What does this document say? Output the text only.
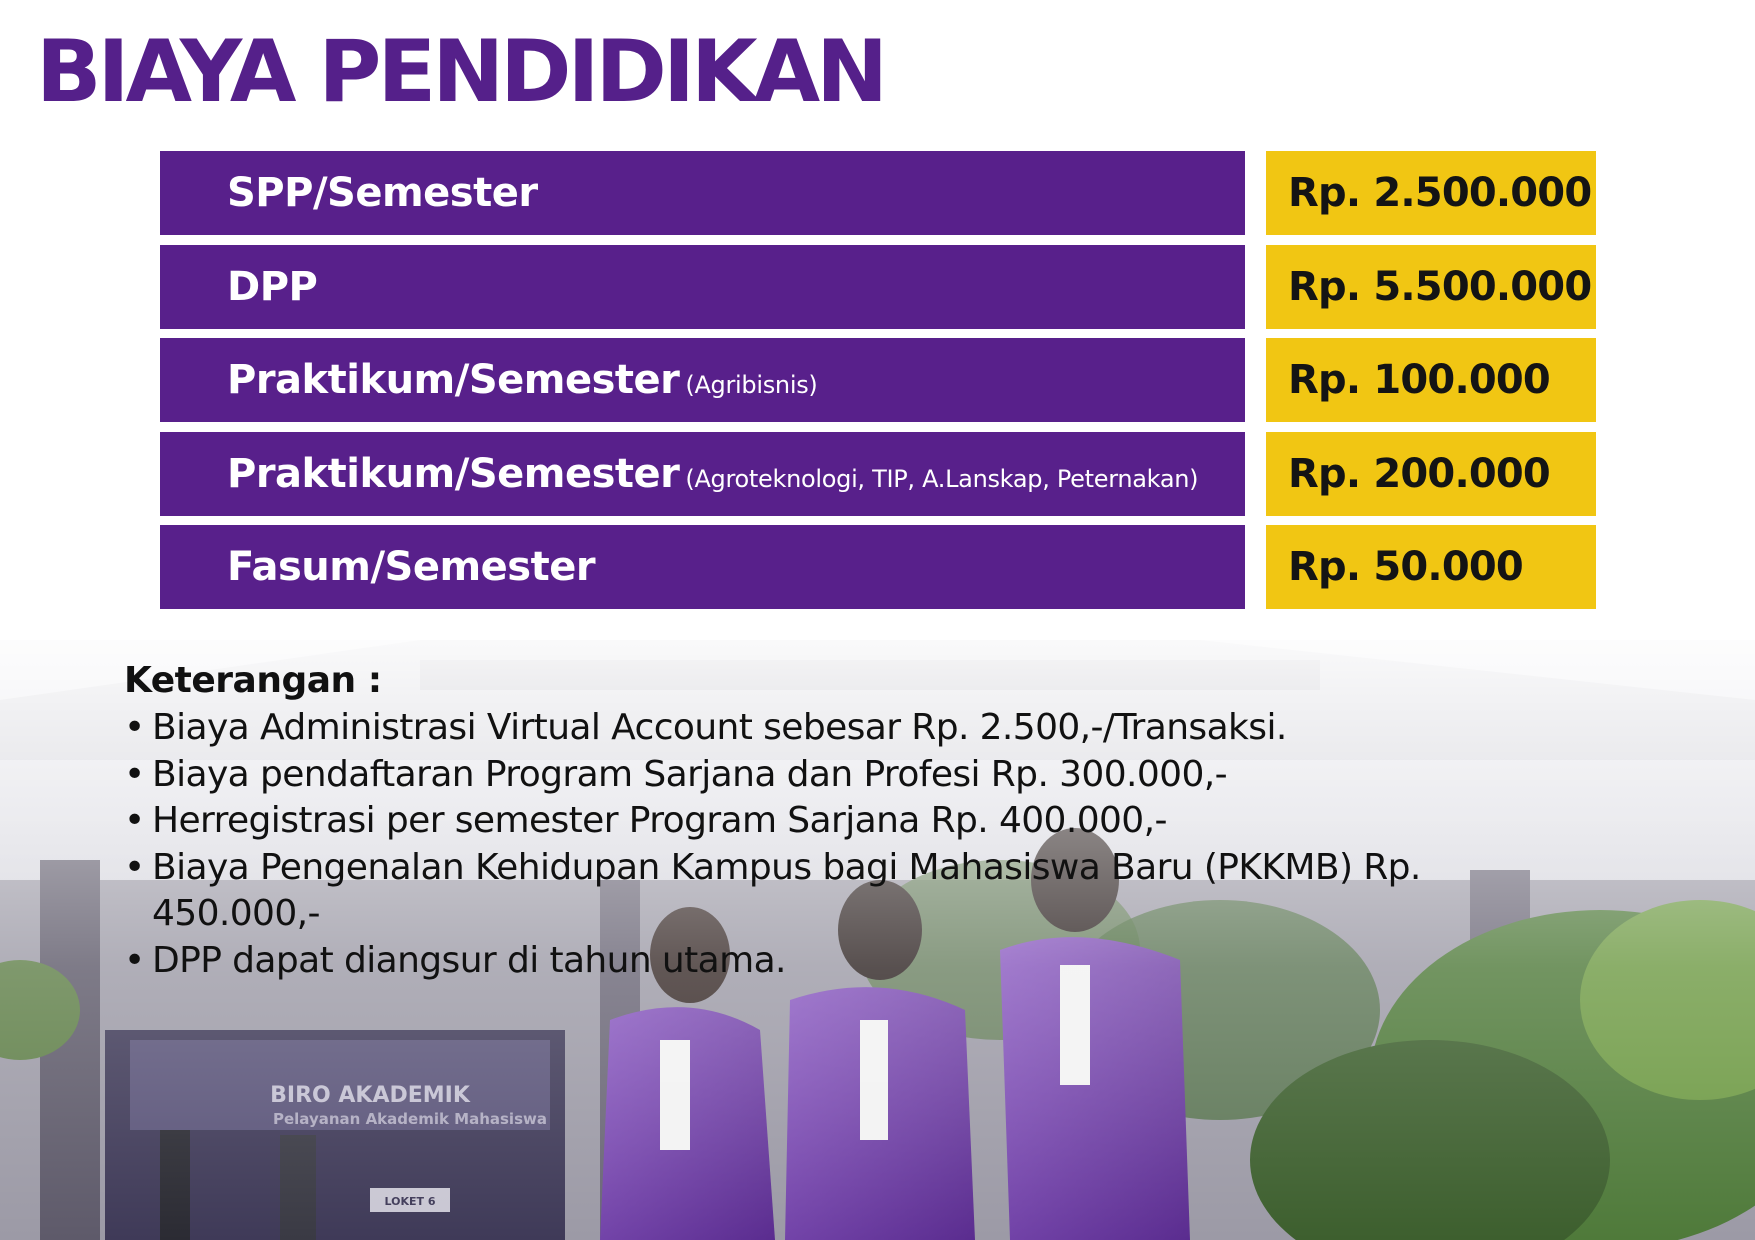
BIAYA PENDIDIKAN
SPP/Semester	Rp. 2.500.000
DPP	Rp. 5.500.000
Praktikum/Semester (Agribisnis)	Rp. 100.000
Praktikum/Semester (Agroteknologi, TIP, A.Lanskap, Peternakan)	Rp. 200.000
Fasum/Semester	Rp. 50.000

Keterangan :

• Biaya Administrasi Virtual Account sebesar Rp. 2.500,-/Transaksi.
• Biaya pendaftaran Program Sarjana dan Profesi Rp. 300.000,-
• Herregistrasi per semester Program Sarjana Rp. 400.000,-
• Biaya Pengenalan Kehidupan Kampus bagi Mahasiswa Baru (PKKMB) Rp. 450.000,-
• DPP dapat diangsur di tahun utama.
